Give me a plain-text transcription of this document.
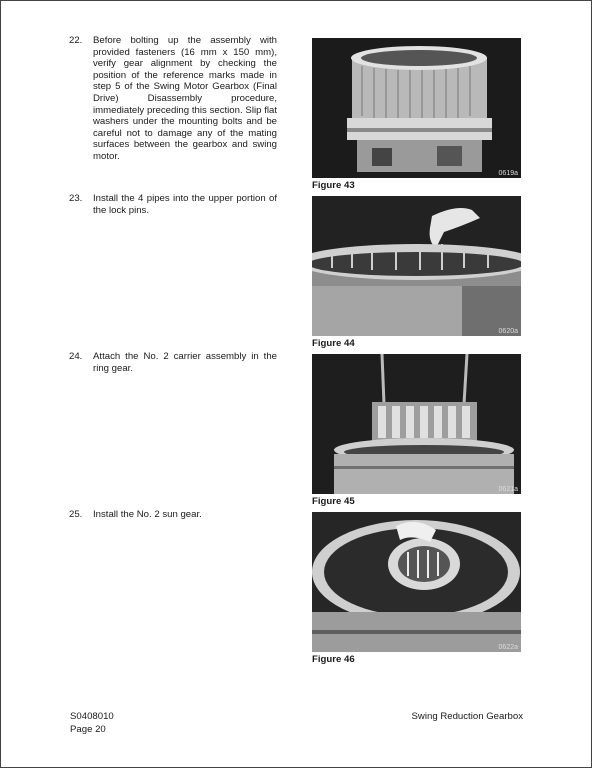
22.	Before bolting up the assembly with provided fasteners (16 mm x 150 mm), verify gear alignment by checking the position of the reference marks made in step 5 of the Swing Motor Gearbox (Final Drive) Disassembly procedure, immediately preceding this section. Slip flat washers under the mounting bolts and be careful not to damage any of the mating surfaces between the gearbox and swing motor.
23.	Install the 4 pipes into the upper portion of the lock pins.
24.	Attach the No. 2 carrier assembly in the ring gear.
25.	Install the No. 2 sun gear.
0619a
Figure 43
0620a
Figure 44
0621a
Figure 45
0622a
Figure 46
S0408010
Page 20
Swing Reduction Gearbox
